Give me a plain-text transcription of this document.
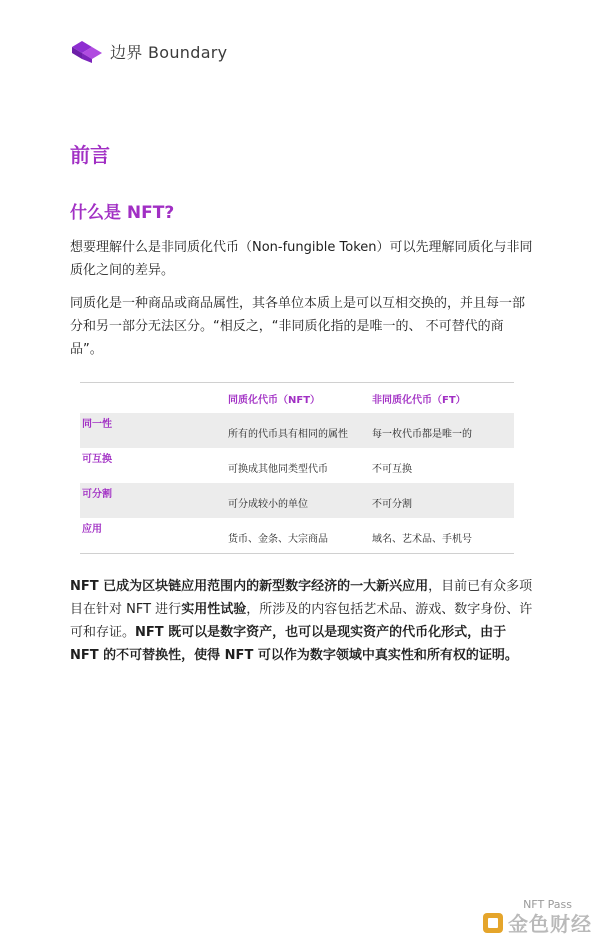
边界 Boundary
前言
什么是 NFT?
想要理解什么是非同质化代币（Non-fungible Token）可以先理解同质化与非同质化之间的差异。
同质化是一种商品或商品属性，其各单位本质上是可以互相交换的，并且每一部分和另一部分无法区分。“相反之，“非同质化指的是唯一的、 不可替代的商品”。
	同质化代币（NFT）	非同质化代币（FT）
同一性	所有的代币具有相同的属性	每一枚代币都是唯一的
可互换	可换成其他同类型代币	不可互换
可分割	可分成较小的单位	不可分割
应用	货币、金条、大宗商品	域名、艺术品、手机号
NFT 已成为区块链应用范围内的新型数字经济的一大新兴应用，目前已有众多项目在针对 NFT 进行实用性试验，所涉及的内容包括艺术品、游戏、数字身份、许可和存证。NFT 既可以是数字资产，也可以是现实资产的代币化形式，由于 NFT 的不可替换性，使得 NFT 可以作为数字领域中真实性和所有权的证明。
NFT Pass
金色财经
